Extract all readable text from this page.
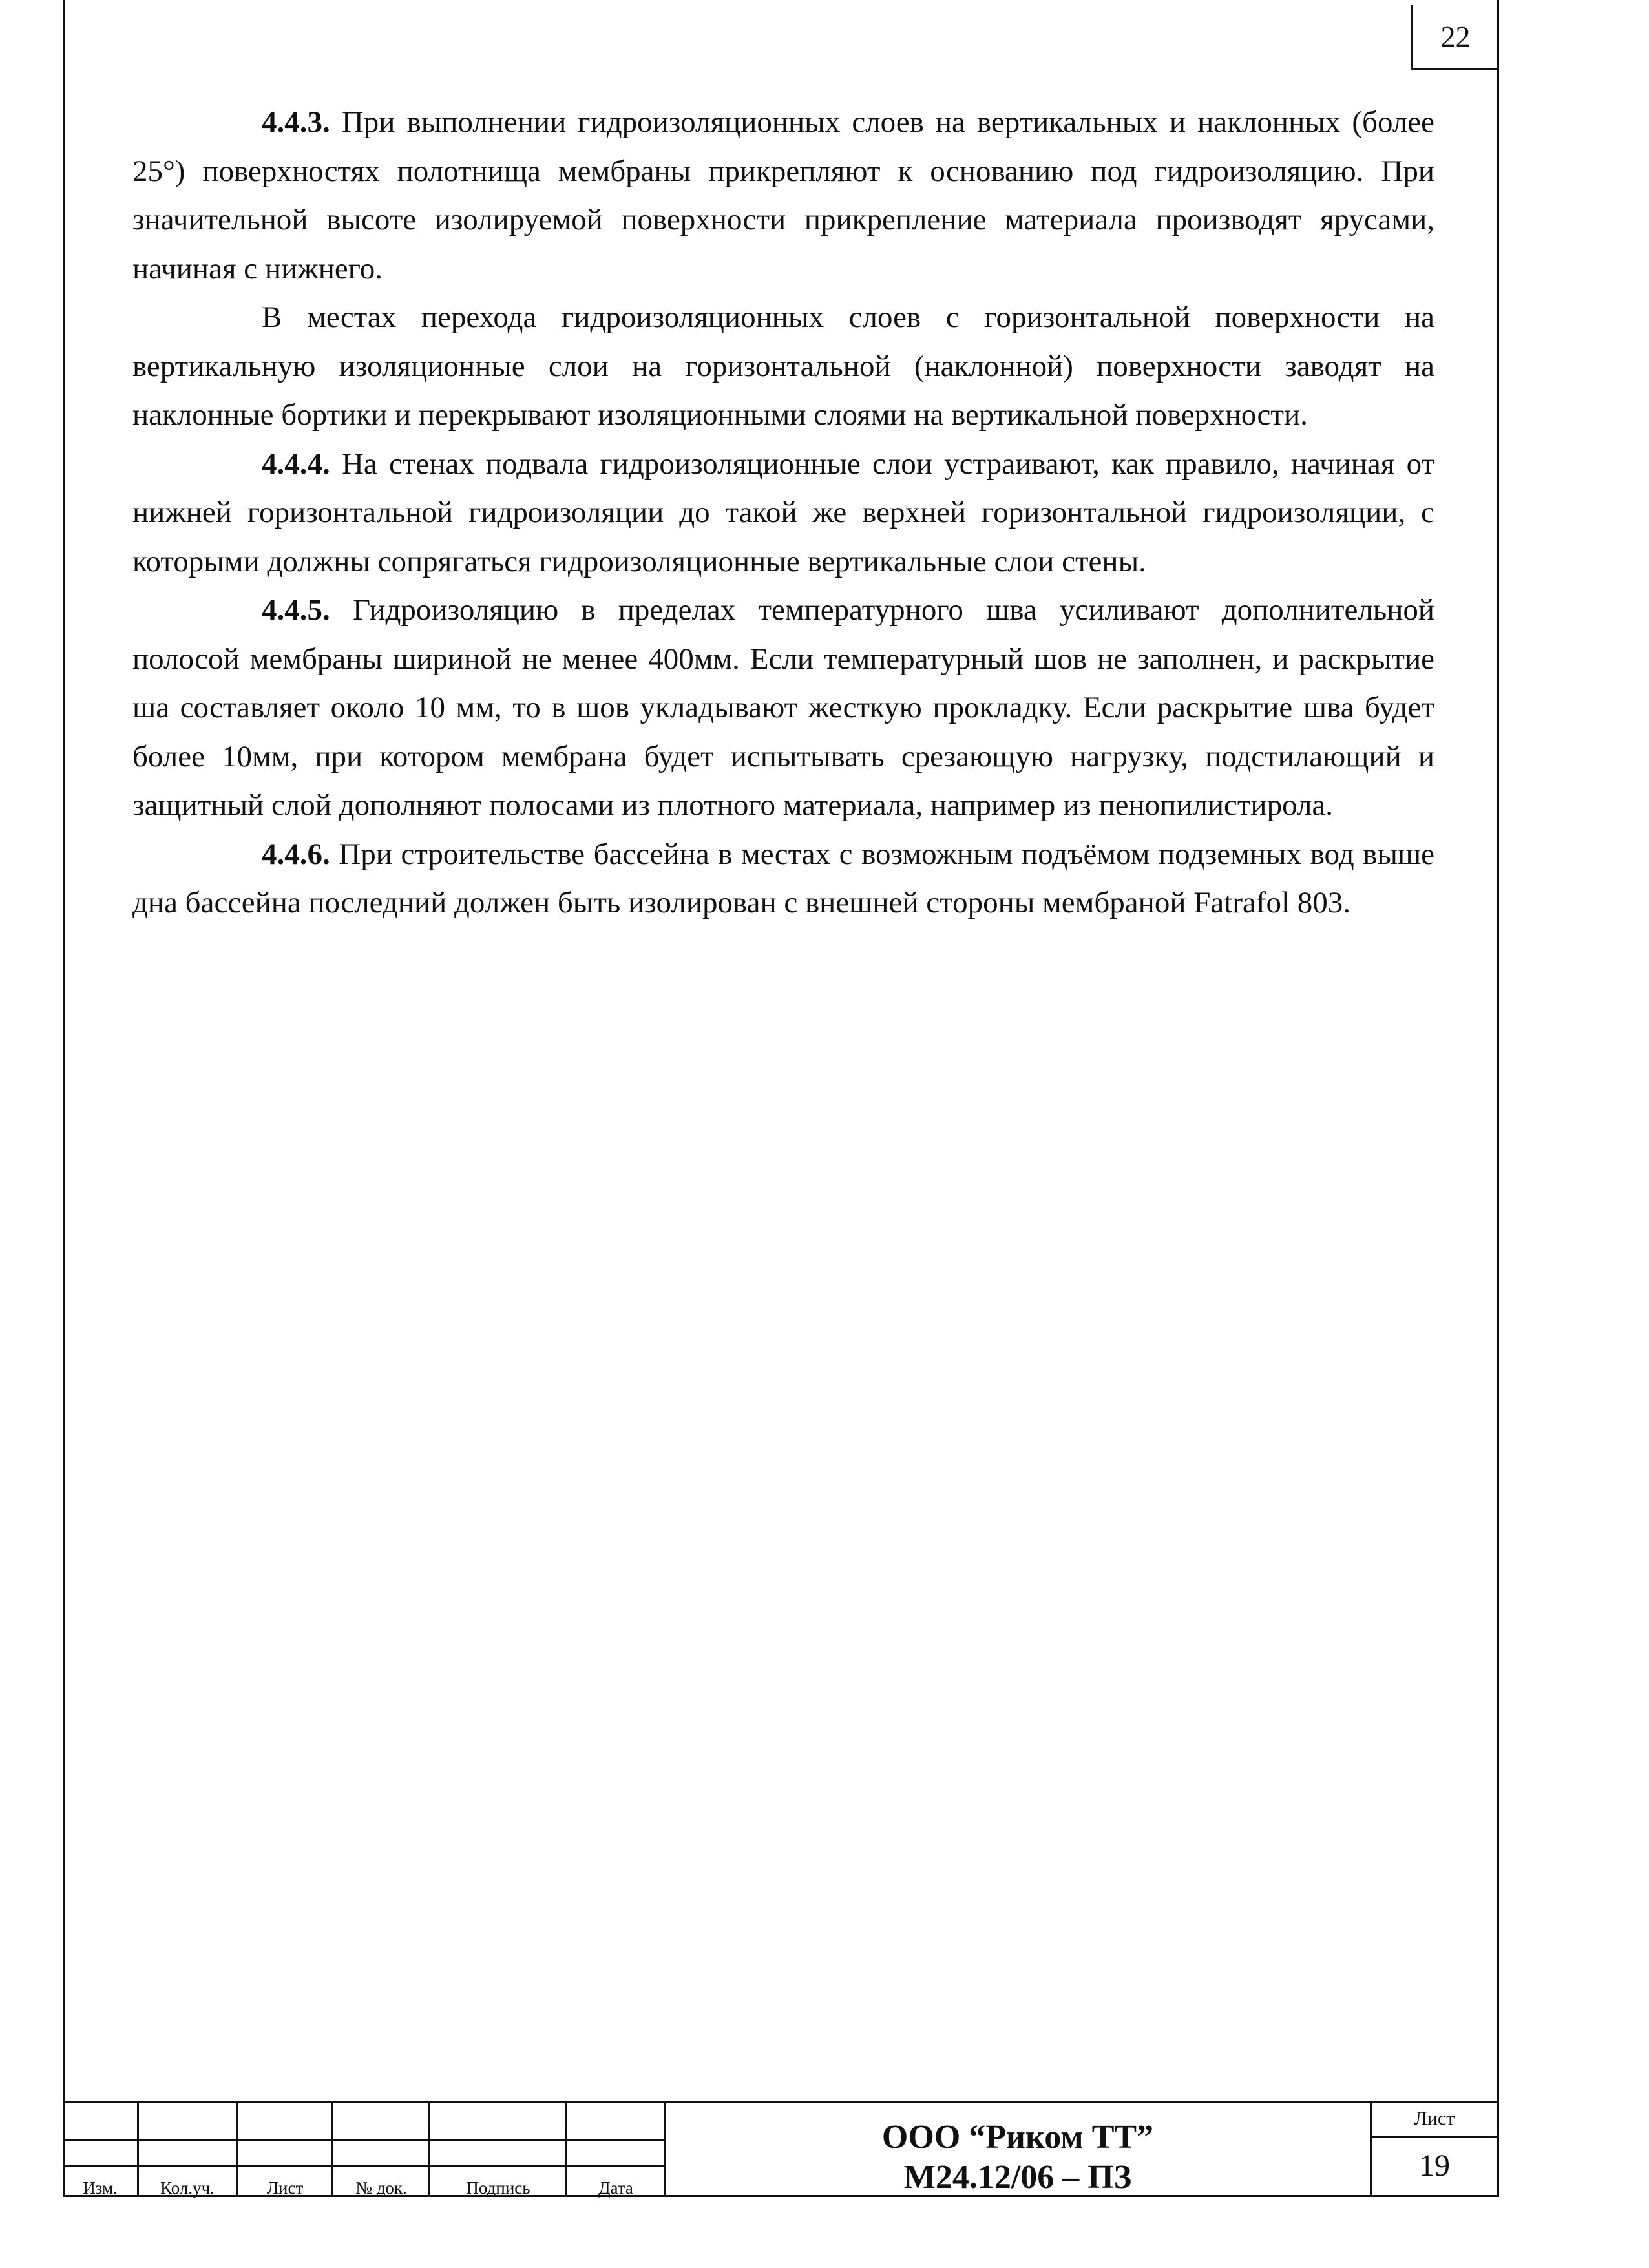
22

4.4.3. При выполнении гидроизоляционных слоев на вертикальных и наклонных (более 25°) поверхностях полотнища мембраны прикрепляют к основанию под гидроизоляцию. При значительной высоте изолируемой поверхности прикрепление материала производят ярусами, начиная с нижнего.

В местах перехода гидроизоляционных слоев с горизонтальной поверхности на вертикальную изоляционные слои на горизонтальной (наклонной) поверхности заводят на наклонные бортики и перекрывают изоляционными слоями на вертикальной поверхности.

4.4.4. На стенах подвала гидроизоляционные слои устраивают, как правило, начиная от нижней горизонтальной гидроизоляции до такой же верхней горизонтальной гидроизоляции, с которыми должны сопрягаться гидроизоляционные вертикальные слои стены.

4.4.5. Гидроизоляцию в пределах температурного шва усиливают дополнительной полосой мембраны шириной не менее 400мм. Если температурный шов не заполнен, и раскрытие ша составляет около 10 мм, то в шов укладывают жесткую прокладку. Если раскрытие шва будет более 10мм, при котором мембрана будет испытывать срезающую нагрузку, подстилающий и защитный слой дополняют полосами из плотного материала, например из пенопилистирола.

4.4.6. При строительстве бассейна в местах с возможным подъёмом подземных вод выше дна бассейна последний должен быть изолирован с внешней стороны мембраной Fatrafol 803.

Изм.	Кол.уч.	Лист	№ док.	Подпись	Дата
ООО “Риком ТТ”
М24.12/06 – ПЗ
Лист
19
